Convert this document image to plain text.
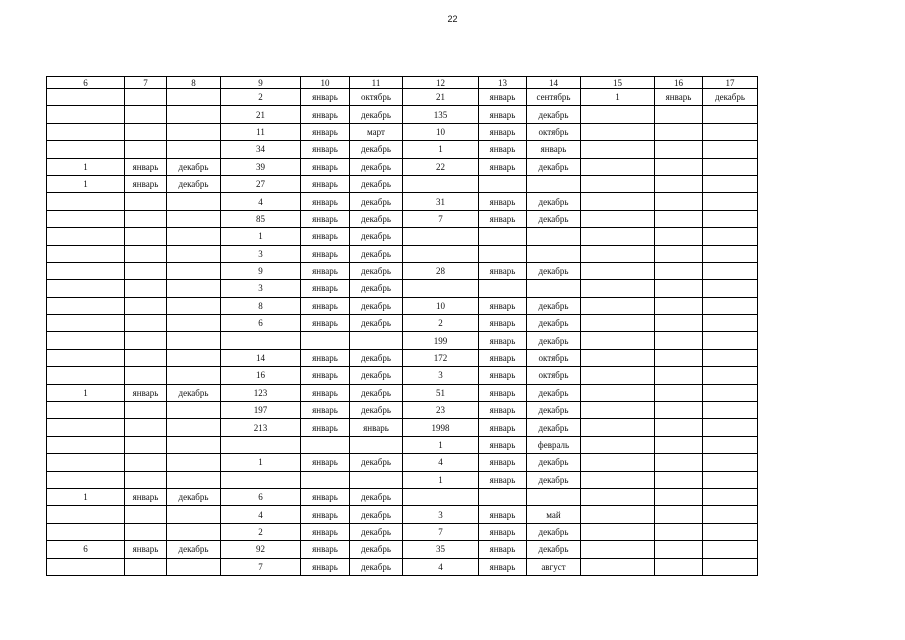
22
6	7	8	9	10	11	12	13	14	15	16	17
			2	январь	октябрь	21	январь	сентябрь	1	январь	декабрь
			21	январь	декабрь	135	январь	декабрь			
			11	январь	март	10	январь	октябрь			
			34	январь	декабрь	1	январь	январь			
1	январь	декабрь	39	январь	декабрь	22	январь	декабрь			
1	январь	декабрь	27	январь	декабрь						
			4	январь	декабрь	31	январь	декабрь			
			85	январь	декабрь	7	январь	декабрь			
			1	январь	декабрь						
			3	январь	декабрь						
			9	январь	декабрь	28	январь	декабрь			
			3	январь	декабрь						
			8	январь	декабрь	10	январь	декабрь			
			6	январь	декабрь	2	январь	декабрь			
						199	январь	декабрь			
			14	январь	декабрь	172	январь	октябрь			
			16	январь	декабрь	3	январь	октябрь			
1	январь	декабрь	123	январь	декабрь	51	январь	декабрь			
			197	январь	декабрь	23	январь	декабрь			
			213	январь	январь	1998	январь	декабрь			
						1	январь	февраль			
			1	январь	декабрь	4	январь	декабрь			
						1	январь	декабрь			
1	январь	декабрь	6	январь	декабрь						
			4	январь	декабрь	3	январь	май			
			2	январь	декабрь	7	январь	декабрь			
6	январь	декабрь	92	январь	декабрь	35	январь	декабрь			
			7	январь	декабрь	4	январь	август			
